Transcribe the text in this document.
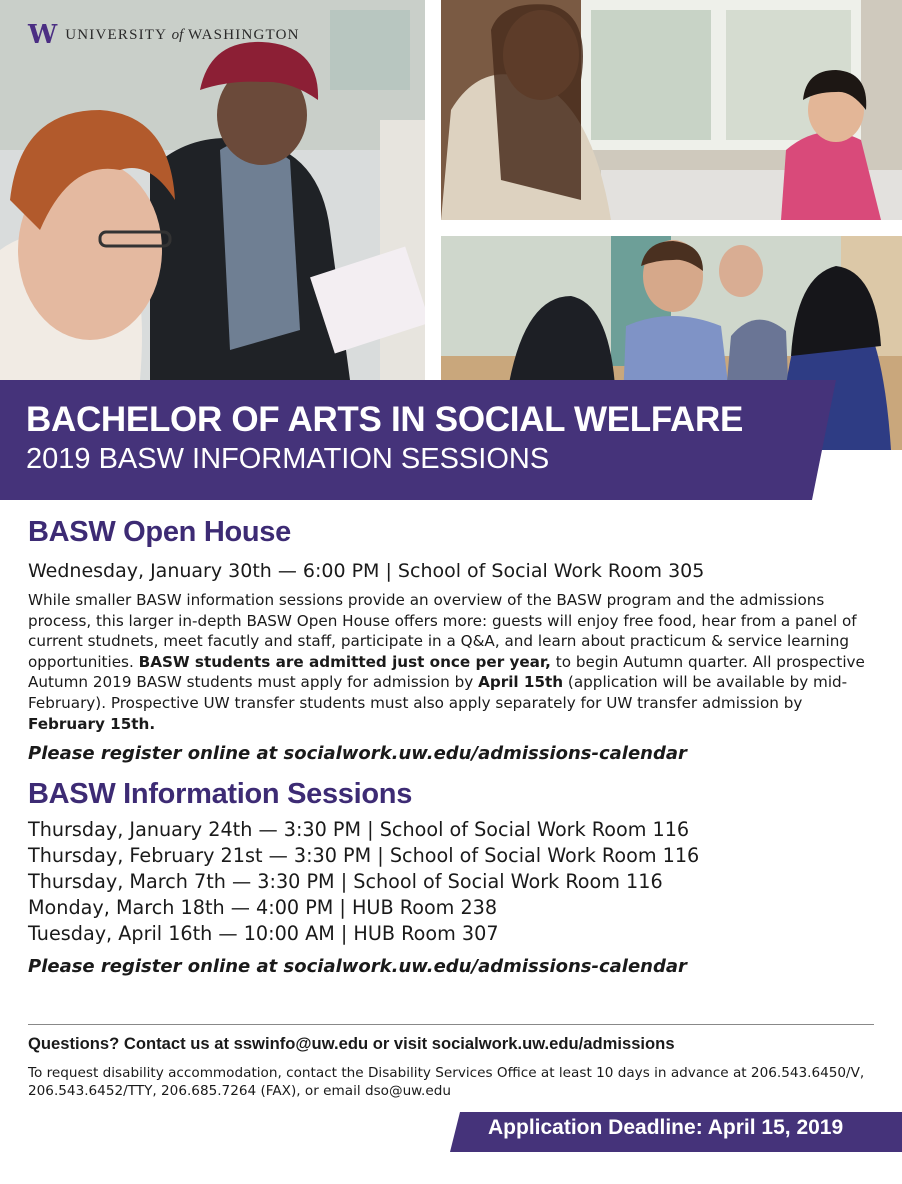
W UNIVERSITY of WASHINGTON
BACHELOR OF ARTS IN SOCIAL WELFARE
2019 BASW INFORMATION SESSIONS
BASW Open House
Wednesday, January 30th — 6:00 PM | School of Social Work Room 305
While smaller BASW information sessions provide an overview of the BASW program and the admissions process, this larger in-depth BASW Open House offers more: guests will enjoy free food, hear from a panel of current studnets, meet facutly and staff, participate in a Q&A, and learn about practicum & service learning opportunities. BASW students are admitted just once per year, to begin Autumn quarter. All prospective Autumn 2019 BASW students must apply for admission by April 15th (application will be available by mid-February). Prospective UW transfer students must also apply separately for UW transfer admission by February 15th.
Please register online at socialwork.uw.edu/admissions-calendar
BASW Information Sessions
Thursday, January 24th — 3:30 PM | School of Social Work Room 116
Thursday, February 21st — 3:30 PM | School of Social Work Room 116
Thursday, March 7th — 3:30 PM | School of Social Work Room 116
Monday, March 18th — 4:00 PM | HUB Room 238
Tuesday, April 16th — 10:00 AM | HUB Room 307
Please register online at socialwork.uw.edu/admissions-calendar
Questions? Contact us at sswinfo@uw.edu or visit socialwork.uw.edu/admissions
To request disability accommodation, contact the Disability Services Office at least 10 days in advance at 206.543.6450/V, 206.543.6452/TTY, 206.685.7264 (FAX), or email dso@uw.edu
Application Deadline: April 15, 2019
